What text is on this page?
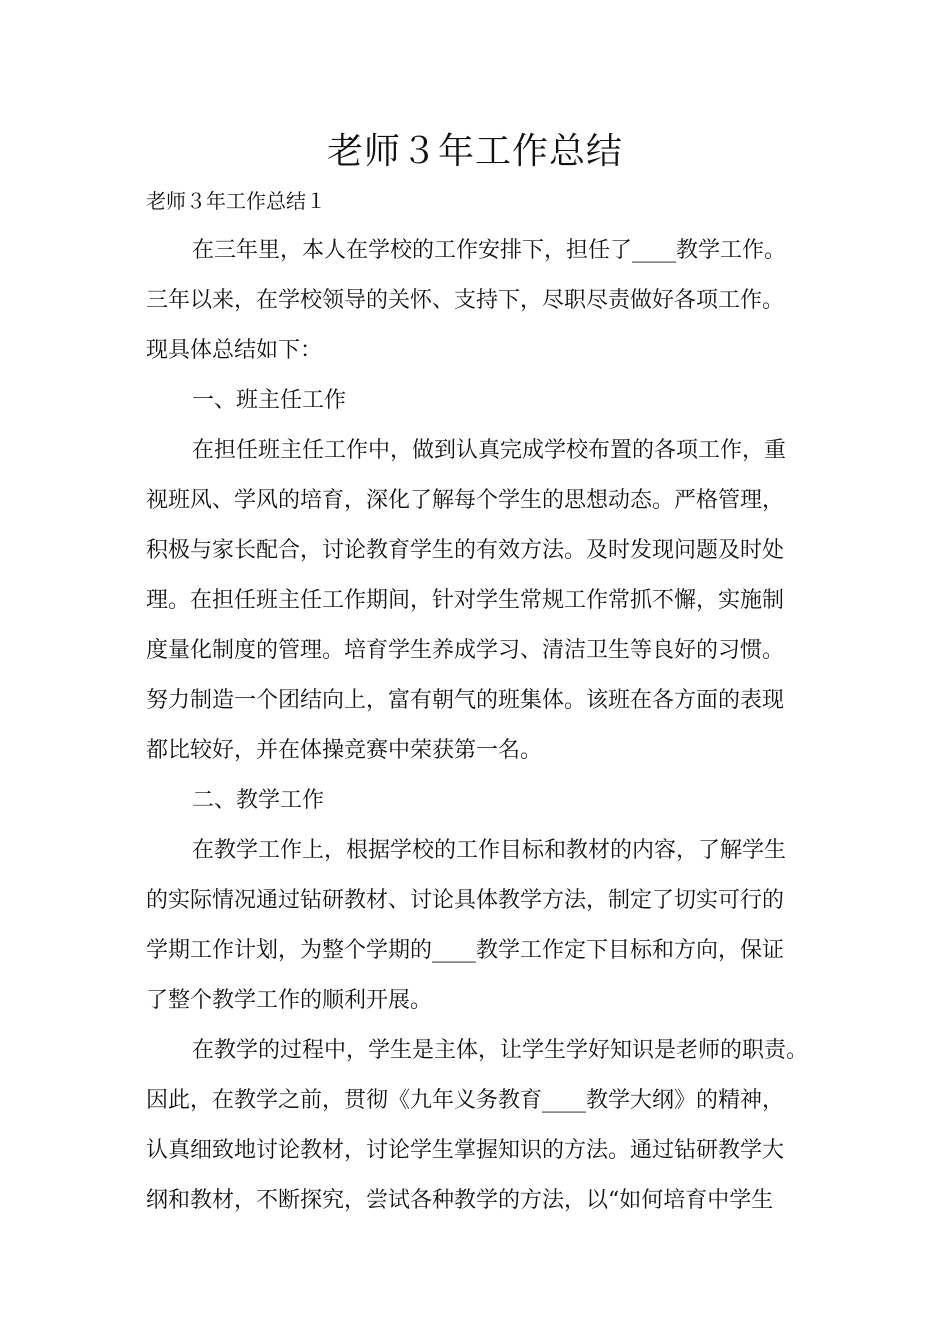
老师３年工作总结
老师３年工作总结１
在三年里，本人在学校的工作安排下，担任了____教学工作。
三年以来，在学校领导的关怀、支持下，尽职尽责做好各项工作。
现具体总结如下：
一、班主任工作
在担任班主任工作中，做到认真完成学校布置的各项工作，重
视班风、学风的培育，深化了解每个学生的思想动态。严格管理，
积极与家长配合，讨论教育学生的有效方法。及时发现问题及时处
理。在担任班主任工作期间，针对学生常规工作常抓不懈，实施制
度量化制度的管理。培育学生养成学习、清洁卫生等良好的习惯。
努力制造一个团结向上，富有朝气的班集体。该班在各方面的表现
都比较好，并在体操竞赛中荣获第一名。
二、教学工作
在教学工作上，根据学校的工作目标和教材的内容，了解学生
的实际情况通过钻研教材、讨论具体教学方法，制定了切实可行的
学期工作计划，为整个学期的____教学工作定下目标和方向，保证
了整个教学工作的顺利开展。
在教学的过程中，学生是主体，让学生学好知识是老师的职责。
因此，在教学之前，贯彻《九年义务教育____教学大纲》的精神，
认真细致地讨论教材，讨论学生掌握知识的方法。通过钻研教学大
纲和教材，不断探究，尝试各种教学的方法，以“如何培育中学生
